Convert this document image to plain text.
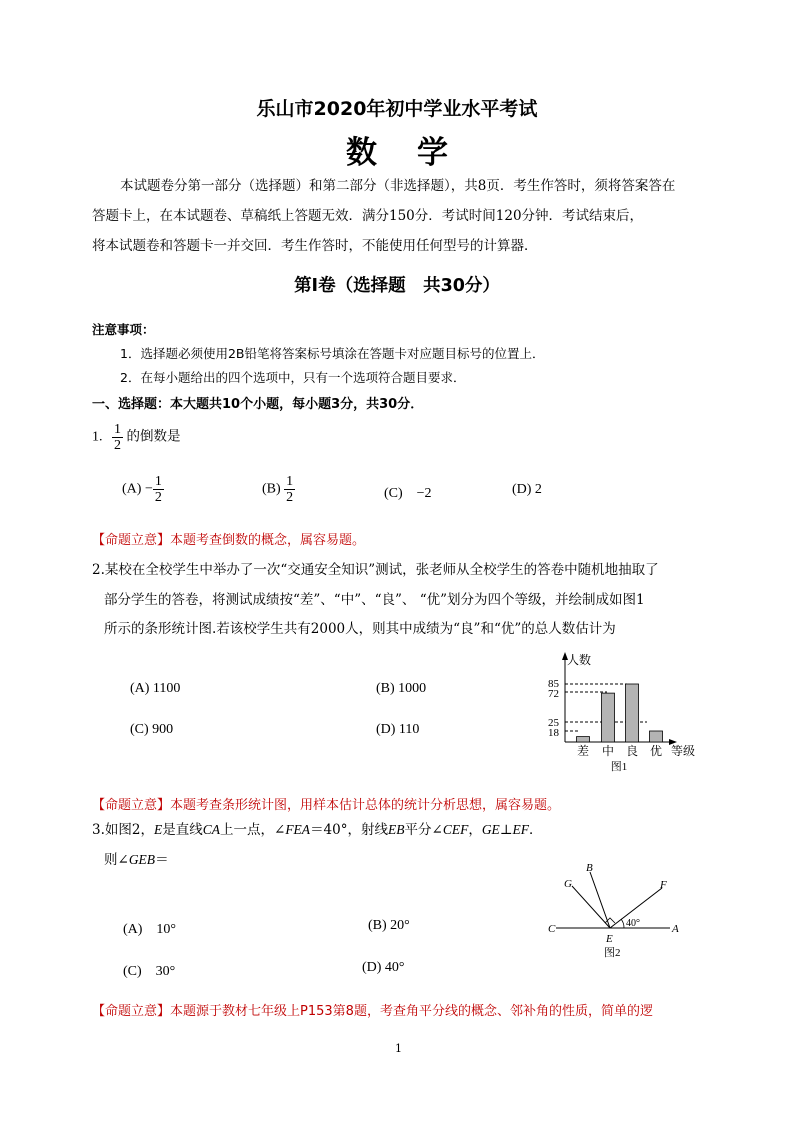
乐山市2020年初中学业水平考试
数学
本试题卷分第一部分（选择题）和第二部分（非选择题），共8页．考生作答时，须将答案答在
答题卡上，在本试题卷、草稿纸上答题无效．满分150分．考试时间120分钟．考试结束后，
将本试题卷和答题卡一并交回．考生作答时，不能使用任何型号的计算器．
第Ⅰ卷（选择题　共30分）
注意事项：
1．选择题必须使用2B铅笔将答案标号填涂在答题卡对应题目标号的位置上．
2．在每小题给出的四个选项中，只有一个选项符合题目要求．
一、选择题：本大题共10个小题，每小题3分，共30分．
1. $\frac{1}{2}$ 的倒数是
$(A) - \frac{1}{2}$	$(B) \frac{1}{2}$	(C)　−2	(D) 2
【命题立意】本题考查倒数的概念，属容易题。
2.某校在全校学生中举办了一次“交通安全知识”测试，张老师从全校学生的答卷中随机地抽取了
部分学生的答卷，将测试成绩按“差”、“中”、“良”、 “优”划分为四个等级，并绘制成如图1
所示的条形统计图.若该校学生共有2000人，则其中成绩为“良”和“优”的总人数估计为
(A) 1100	(B) 1000
(C) 900	(D) 110
85
72
25
18
差 中 良 优 等级
人数
图1
【命题立意】本题考查条形统计图，用样本估计总体的统计分析思想，属容易题。
3.如图2，E是直线CA上一点，∠FEA＝40°，射线EB平分∠CEF，GE⊥EF．
则∠GEB＝
(A)　10°	(B) 20°
(C)　30°	(D) 40°
C	A
E
B
G	F
40°
图2
【命题立意】本题源于教材七年级上P153第8题，考查角平分线的概念、邻补角的性质，简单的逻
1
